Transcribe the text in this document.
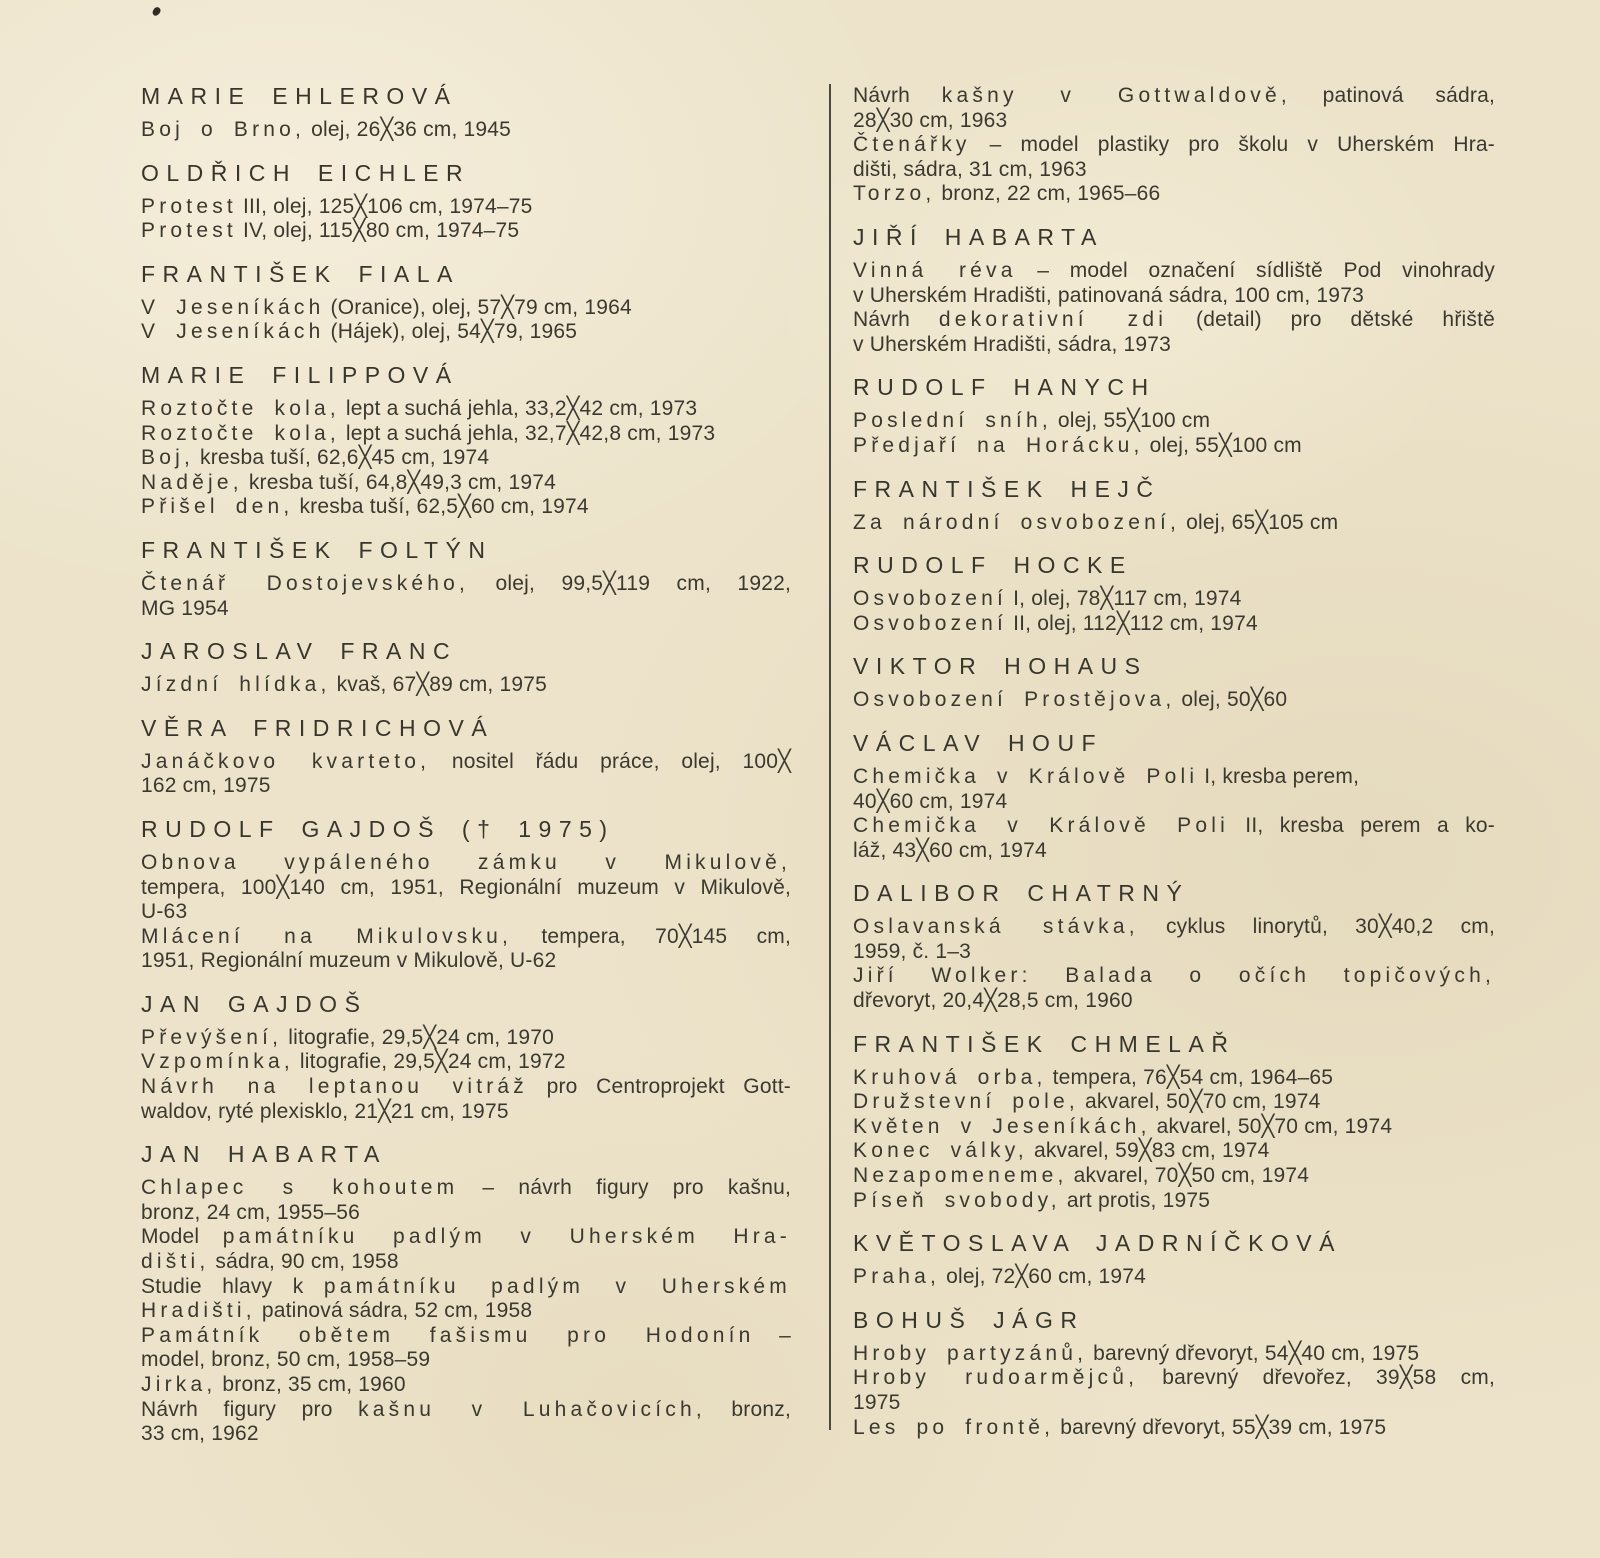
MARIE EHLEROVÁ
Boj o Brno, olej, 26╳36 cm, 1945
OLDŘICH EICHLER
Protest III, olej, 125╳106 cm, 1974–75
Protest IV, olej, 115╳80 cm, 1974–75
FRANTIŠEK FIALA
V Jeseníkách (Oranice), olej, 57╳79 cm, 1964
V Jeseníkách (Hájek), olej, 54╳79, 1965
MARIE FILIPPOVÁ
Roztočte kola, lept a suchá jehla, 33,2╳42 cm, 1973
Roztočte kola, lept a suchá jehla, 32,7╳42,8 cm, 1973
Boj, kresba tuší, 62,6╳45 cm, 1974
Naděje, kresba tuší, 64,8╳49,3 cm, 1974
Přišel den, kresba tuší, 62,5╳60 cm, 1974
FRANTIŠEK FOLTÝN
Čtenář Dostojevského, olej, 99,5╳119 cm, 1922,
MG 1954
JAROSLAV FRANC
Jízdní hlídka, kvaš, 67╳89 cm, 1975
VĚRA FRIDRICHOVÁ
Janáčkovo kvarteto, nositel řádu práce, olej, 100╳
162 cm, 1975
RUDOLF GAJDOŠ († 1975)
Obnova vypáleného zámku v Mikulově,
tempera, 100╳140 cm, 1951, Regionální muzeum v Mikulově,
U-63
Mlácení na Mikulovsku, tempera, 70╳145 cm,
1951, Regionální muzeum v Mikulově, U-62
JAN GAJDOŠ
Převýšení, litografie, 29,5╳24 cm, 1970
Vzpomínka, litografie, 29,5╳24 cm, 1972
Návrh na leptanou vitráž pro Centroprojekt Gott-
waldov, ryté plexisklo, 21╳21 cm, 1975
JAN HABARTA
Chlapec s kohoutem – návrh figury pro kašnu,
bronz, 24 cm, 1955–56
Model památníku padlým v Uherském Hra-
dišti, sádra, 90 cm, 1958
Studie hlavy k památníku padlým v Uherském
Hradišti, patinová sádra, 52 cm, 1958
Památník obětem fašismu pro Hodonín –
model, bronz, 50 cm, 1958–59
Jirka, bronz, 35 cm, 1960
Návrh figury pro kašnu v Luhačovicích, bronz,
33 cm, 1962
Návrh kašny v Gottwaldově, patinová sádra,
28╳30 cm, 1963
Čtenářky – model plastiky pro školu v Uherském Hra-
dišti, sádra, 31 cm, 1963
Torzo, bronz, 22 cm, 1965–66
JIŘÍ HABARTA
Vinná réva – model označení sídliště Pod vinohrady
v Uherském Hradišti, patinovaná sádra, 100 cm, 1973
Návrh dekorativní zdi (detail) pro dětské hřiště
v Uherském Hradišti, sádra, 1973
RUDOLF HANYCH
Poslední sníh, olej, 55╳100 cm
Předjaří na Horácku, olej, 55╳100 cm
FRANTIŠEK HEJČ
Za národní osvobození, olej, 65╳105 cm
RUDOLF HOCKE
Osvobození I, olej, 78╳117 cm, 1974
Osvobození II, olej, 112╳112 cm, 1974
VIKTOR HOHAUS
Osvobození Prostějova, olej, 50╳60
VÁCLAV HOUF
Chemička v Králově Poli I, kresba perem,
40╳60 cm, 1974
Chemička v Králově Poli II, kresba perem a ko-
láž, 43╳60 cm, 1974
DALIBOR CHATRNÝ
Oslavanská stávka, cyklus linorytů, 30╳40,2 cm,
1959, č. 1–3
Jiří Wolker: Balada o očích topičových,
dřevoryt, 20,4╳28,5 cm, 1960
FRANTIŠEK CHMELAŘ
Kruhová orba, tempera, 76╳54 cm, 1964–65
Družstevní pole, akvarel, 50╳70 cm, 1974
Květen v Jeseníkách, akvarel, 50╳70 cm, 1974
Konec války, akvarel, 59╳83 cm, 1974
Nezapomeneme, akvarel, 70╳50 cm, 1974
Píseň svobody, art protis, 1975
KVĚTOSLAVA JADRNÍČKOVÁ
Praha, olej, 72╳60 cm, 1974
BOHUŠ JÁGR
Hroby partyzánů, barevný dřevoryt, 54╳40 cm, 1975
Hroby rudoarmějců, barevný dřevořez, 39╳58 cm,
1975
Les po frontě, barevný dřevoryt, 55╳39 cm, 1975
